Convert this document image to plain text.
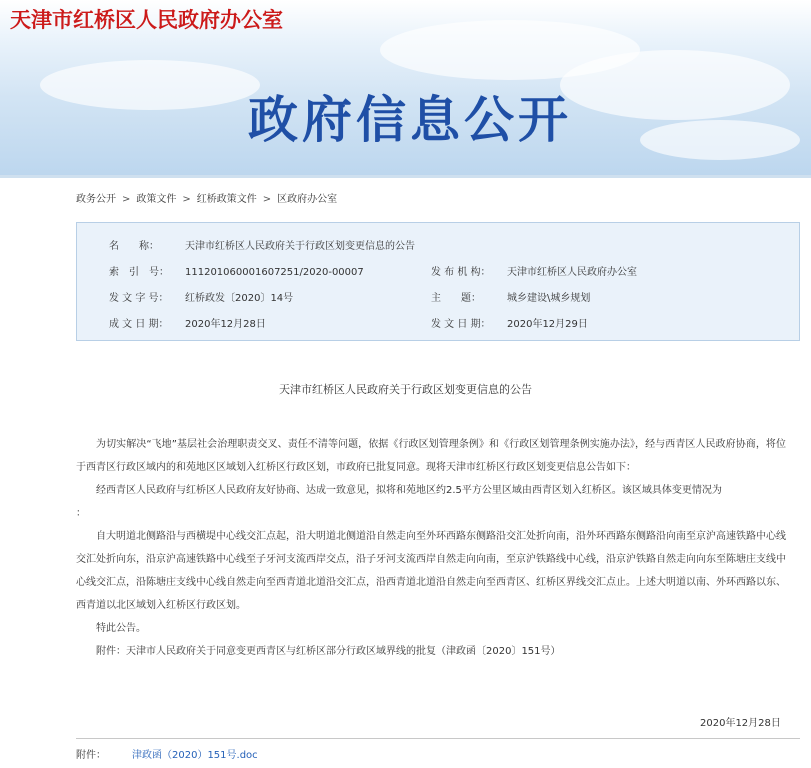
天津市红桥区人民政府办公室
政府信息公开
政务公开 > 政策文件 > 红桥政策文件 > 区政府办公室
名　　称：	天津市红桥区人民政府关于行政区划变更信息的公告
索　引　号： 111201060001607251/2020-00007	发 布 机 构： 天津市红桥区人民政府办公室
发 文 字 号： 红桥政发〔2020〕14号	主　　题：	城乡建设\城乡规划
成 文 日 期： 2020年12月28日	发 文 日 期： 2020年12月29日
天津市红桥区人民政府关于行政区划变更信息的公告

为切实解决“飞地”基层社会治理职责交叉、责任不清等问题，依据《行政区划管理条例》和《行政区划管理条例实施办法》，经与西青区人民政府协商，将位于西青区行政区域内的和苑地区区域划入红桥区行政区划，市政府已批复同意。现将天津市红桥区行政区划变更信息公告如下：

经西青区人民政府与红桥区人民政府友好协商、达成一致意见，拟将和苑地区约2.5平方公里区域由西青区划入红桥区。该区域具体变更情况为

：

自大明道北侧路沿与西横堤中心线交汇点起，沿大明道北侧道沿自然走向至外环西路东侧路沿交汇处折向南，沿外环西路东侧路沿向南至京沪高速铁路中心线交汇处折向东，沿京沪高速铁路中心线至子牙河支流西岸交点，沿子牙河支流西岸自然走向向南，至京沪铁路线中心线，沿京沪铁路自然走向向东至陈塘庄支线中心线交汇点，沿陈塘庄支线中心线自然走向至西青道北道沿交汇点，沿西青道北道沿自然走向至西青区、红桥区界线交汇点止。上述大明道以南、外环西路以东、西青道以北区域划入红桥区行政区划。

特此公告。

附件：天津市人民政府关于同意变更西青区与红桥区部分行政区域界线的批复（津政函〔2020〕151号）

2020年12月28日
附件：	津政函（2020）151号.doc
